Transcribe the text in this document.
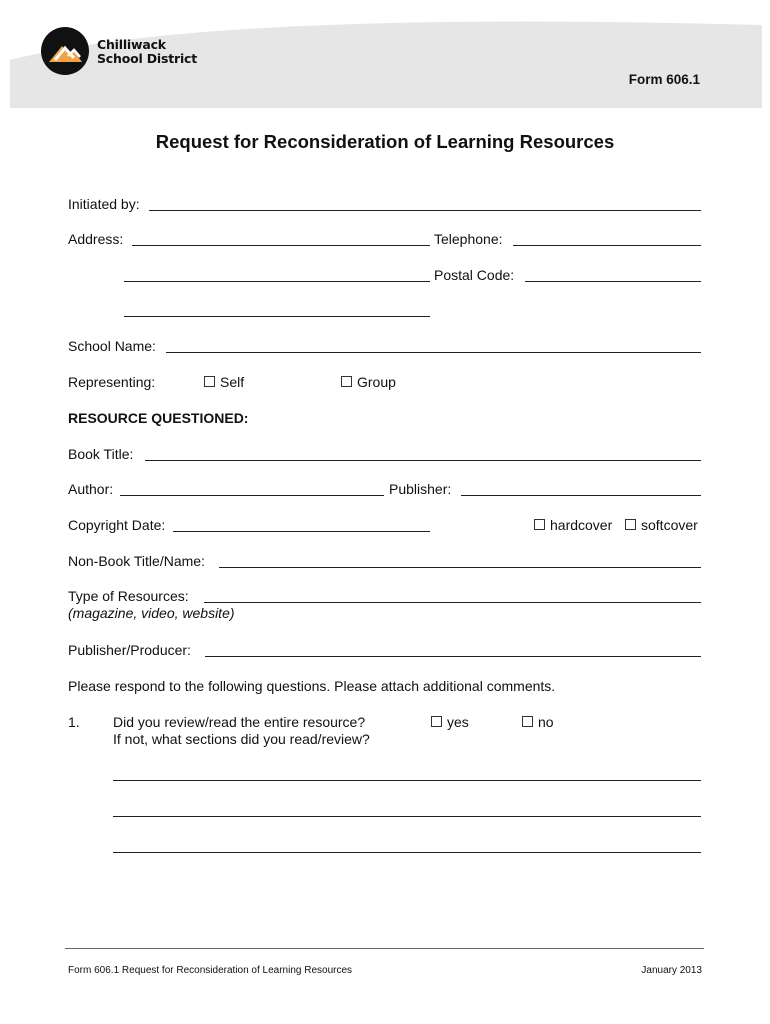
Chilliwack
School District
Form 606.1
Request for Reconsideration of Learning Resources
Initiated by:
Address:	Telephone:
Postal Code:
School Name:
Representing:	Self	Group
RESOURCE QUESTIONED:
Book Title:
Author:	Publisher:
Copyright Date:	hardcover	softcover
Non-Book Title/Name:
Type of Resources:
(magazine, video, website)
Publisher/Producer:
Please respond to the following questions. Please attach additional comments.
1. Did you review/read the entire resource?
If not, what sections did you read/review?
yes	no
Form 606.1 Request for Reconsideration of Learning Resources	January 2013
